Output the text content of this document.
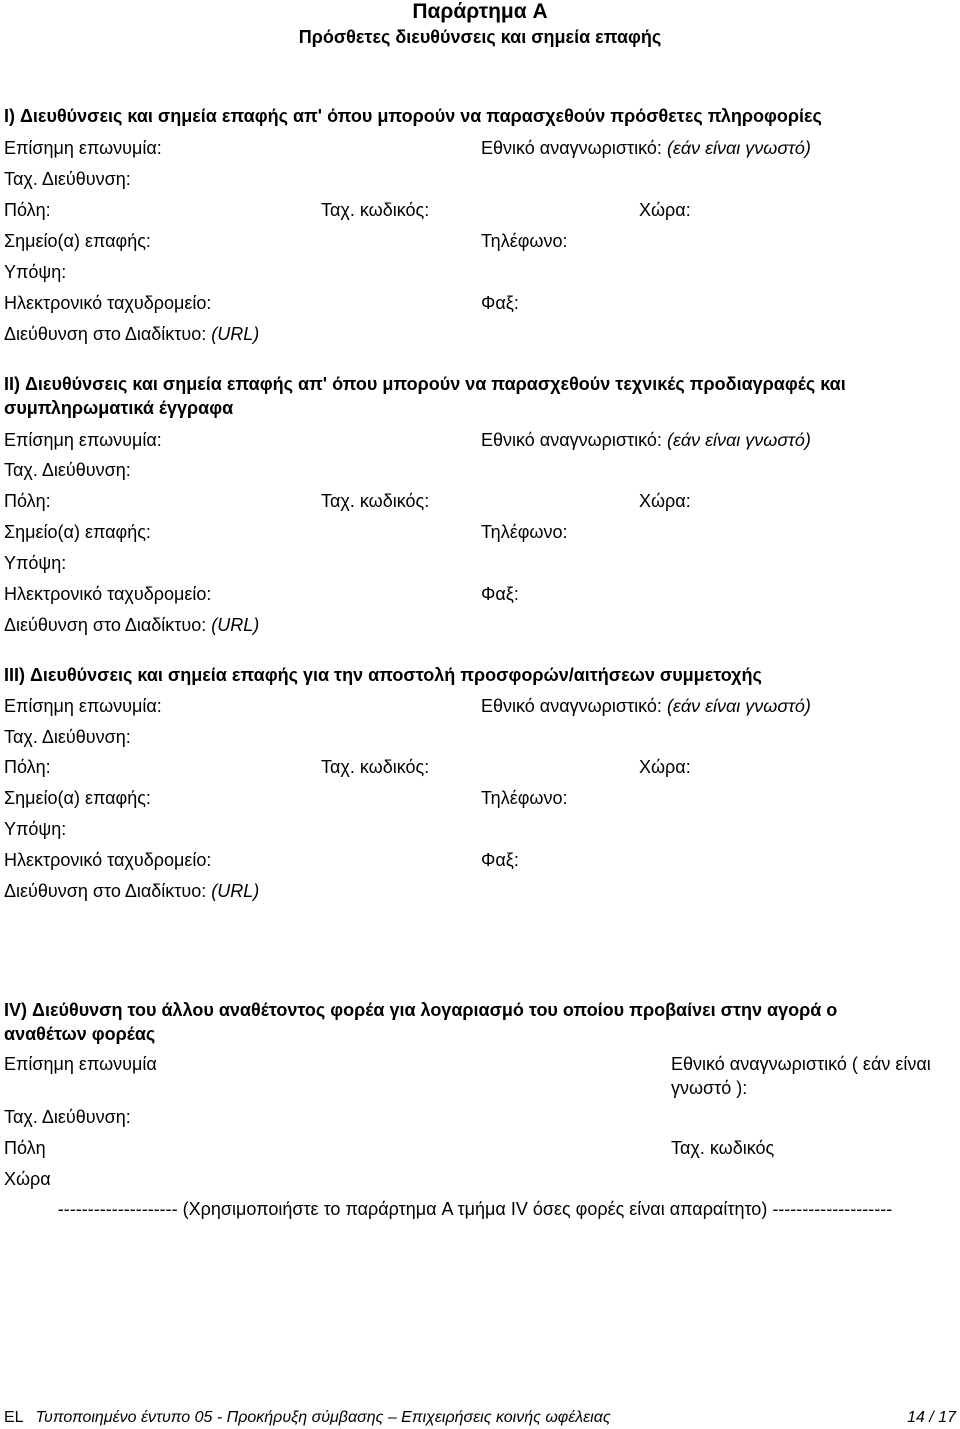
Παράρτημα A
Πρόσθετες διευθύνσεις και σημεία επαφής
I) Διευθύνσεις και σημεία επαφής απ' όπου μπορούν να παρασχεθούν πρόσθετες πληροφορίες
Επίσημη επωνυμία:	Εθνικό αναγνωριστικό: (εάν είναι γνωστό)
Ταχ. Διεύθυνση:
Πόλη:	Ταχ. κωδικός:	Χώρα:
Σημείο(α) επαφής:	Τηλέφωνο:
Υπόψη:
Ηλεκτρονικό ταχυδρομείο:	Φαξ:
Διεύθυνση στο Διαδίκτυο: (URL)
II) Διευθύνσεις και σημεία επαφής απ' όπου μπορούν να παρασχεθούν τεχνικές προδιαγραφές και συμπληρωματικά έγγραφα
Επίσημη επωνυμία:	Εθνικό αναγνωριστικό: (εάν είναι γνωστό)
Ταχ. Διεύθυνση:
Πόλη:	Ταχ. κωδικός:	Χώρα:
Σημείο(α) επαφής:	Τηλέφωνο:
Υπόψη:
Ηλεκτρονικό ταχυδρομείο:	Φαξ:
Διεύθυνση στο Διαδίκτυο: (URL)
III) Διευθύνσεις και σημεία επαφής για την αποστολή προσφορών/αιτήσεων συμμετοχής
Επίσημη επωνυμία:	Εθνικό αναγνωριστικό: (εάν είναι γνωστό)
Ταχ. Διεύθυνση:
Πόλη:	Ταχ. κωδικός:	Χώρα:
Σημείο(α) επαφής:	Τηλέφωνο:
Υπόψη:
Ηλεκτρονικό ταχυδρομείο:	Φαξ:
Διεύθυνση στο Διαδίκτυο: (URL)
IV) Διεύθυνση του άλλου αναθέτοντος φορέα για λογαριασμό του οποίου προβαίνει στην αγορά ο αναθέτων φορέας
Επίσημη επωνυμία	Εθνικό αναγνωριστικό ( εάν είναι γνωστό ):
Ταχ. Διεύθυνση:
Πόλη	Ταχ. κωδικός
Χώρα
-------------------- (Χρησιμοποιήστε το παράρτημα A τμήμα IV όσες φορές είναι απαραίτητο) --------------------
EL Τυποποιημένο έντυπο 05 - Προκήρυξη σύμβασης – Επιχειρήσεις κοινής ωφέλειας	14 / 17
